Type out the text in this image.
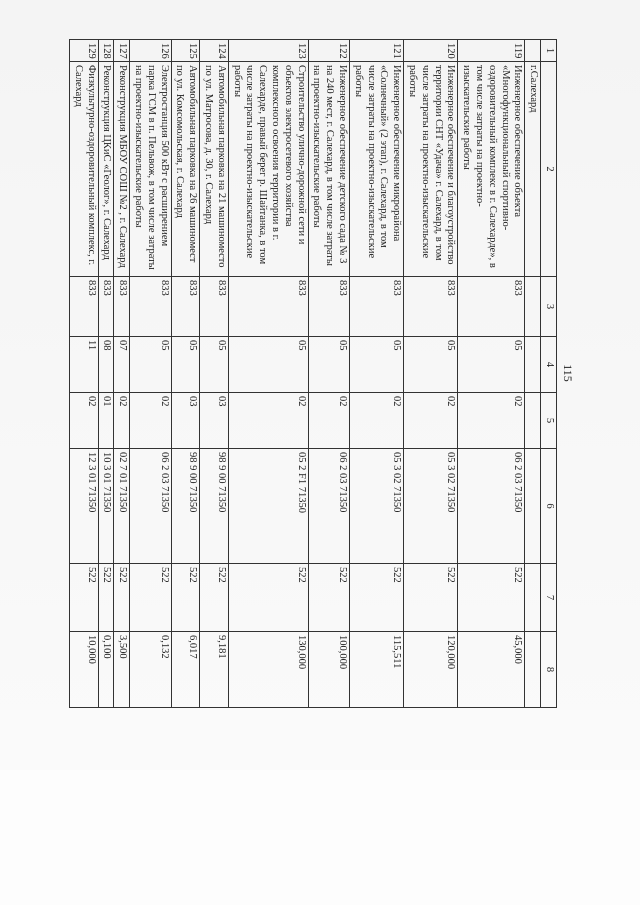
115
1	2	3	4	5	6	7	8
	г.Салехард						
119	Инженерное обеспечение объекта «Многофункциональный спортивно-оздоровительный комплекс в г. Салехарде», в том числе затраты на проектно-изыскательские работы	833	05	02	06 2 03 71350	522	45,000
120	Инженерное обеспечение и благоустройство территории СНТ «Удача» г. Салехард, в том числе затраты на проектно-изыскательские работы	833	05	02	05 3 02 71350	522	120,000
121	Инженерное обеспечение микрорайона «Солнечный» (2 этап), г. Салехард, в том числе затраты на проектно-изыскательские работы	833	05	02	05 3 02 71350	522	115,511
122	Инженерное обеспечение детского сада № 3 на 240 мест, г. Салехард, в том числе затраты на проектно-изыскательские работы	833	05	02	06 2 03 71350	522	100,000
123	Строительство улично-дорожной сети и объектов электросетевого хозяйства комплексного освоения территории в г. Салехарде, правый берег р. Шайтанка, в том числе затраты на проектно-изыскательские работы	833	05	02	05 2 F1 71350	522	130,000
124	Автомобильная парковка на 21 машиноместо по ул. Матросова, д. 30, г. Салехард	833	05	03	98 9 00 71350	522	9,181
125	Автомобильная парковка на 26 машиномест по ул. Комсомольская, г. Салехард	833	05	03	98 9 00 71350	522	6,017
126	Электростанция 500 кВт с расширением парка ГСМ в п. Пельвож, в том числе затраты на проектно-изыскательские работы	833	05	02	06 2 03 71350	522	0,132
127	Реконструкция МБОУ СОШ №2 , г. Салехард	833	07	02	02 7 01 71350	522	3,500
128	Реконструкция ЦКиС «Геолог», г. Салехард	833	08	01	10 3 01 71350	522	0,100
129	Физкультурно-оздоровительный комплекс, г. Салехард	833	11	02	12 3 01 71350	522	10,000
